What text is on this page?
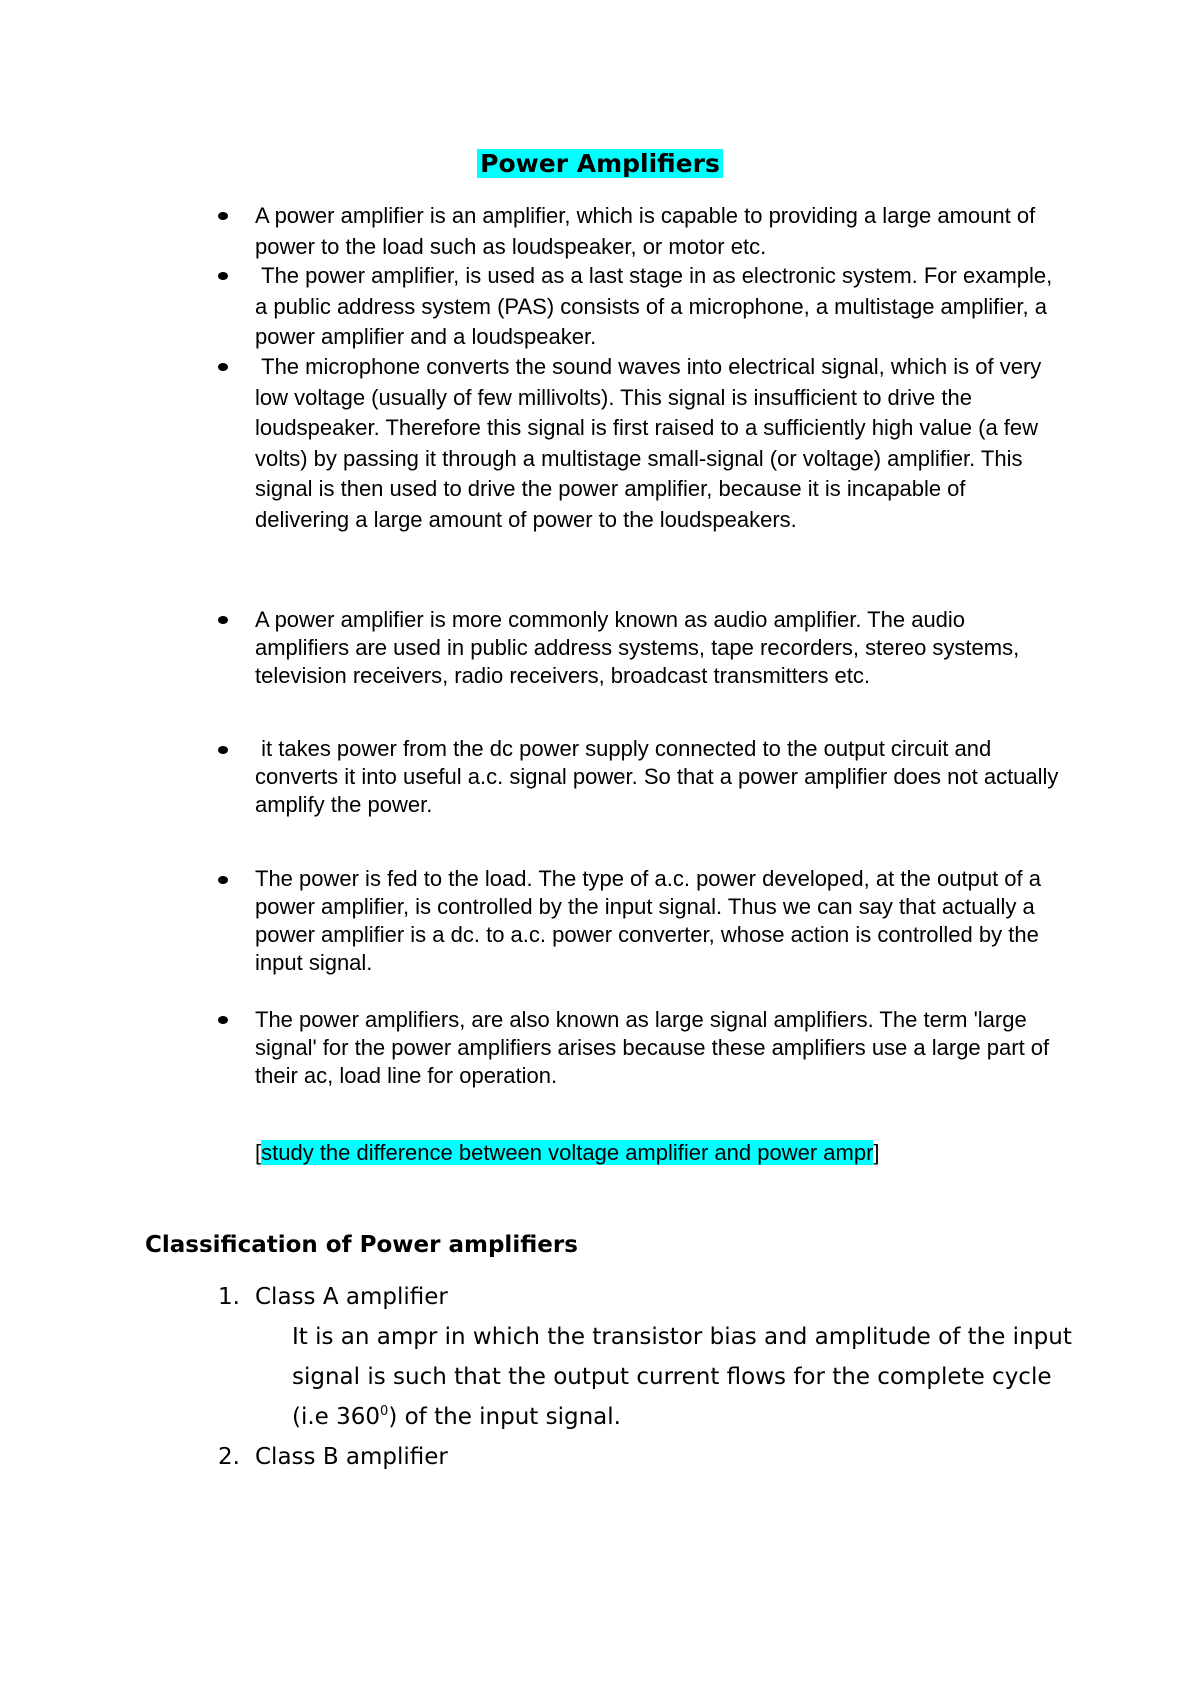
Power Amplifiers
A power amplifier is an amplifier, which is capable to providing a large amount of power to the load such as loudspeaker, or motor etc.
The power amplifier, is used as a last stage in as electronic system. For example, a public address system (PAS) consists of a microphone, a multistage amplifier, a power amplifier and a loudspeaker.
The microphone converts the sound waves into electrical signal, which is of very low voltage (usually of few millivolts). This signal is insufficient to drive the loudspeaker. Therefore this signal is first raised to a sufficiently high value (a few volts) by passing it through a multistage small-signal (or voltage) amplifier. This signal is then used to drive the power amplifier, because it is incapable of delivering a large amount of power to the loudspeakers.
A power amplifier is more commonly known as audio amplifier. The audio amplifiers are used in public address systems, tape recorders, stereo systems, television receivers, radio receivers, broadcast transmitters etc.
it takes power from the dc power supply connected to the output circuit and converts it into useful a.c. signal power. So that a power amplifier does not actually amplify the power.
The power is fed to the load. The type of a.c. power developed, at the output of a power amplifier, is controlled by the input signal. Thus we can say that actually a power amplifier is a dc. to a.c. power converter, whose action is controlled by the input signal.
The power amplifiers, are also known as large signal amplifiers. The term 'large signal' for the power amplifiers arises because these amplifiers use a large part of their ac, load line for operation.
[study the difference between voltage amplifier and power ampr]
Classification of Power amplifiers
1. Class A amplifier
It is an ampr in which the transistor bias and amplitude of the input signal is such that the output current flows for the complete cycle (i.e $360^0$) of the input signal.
2. Class B amplifier
